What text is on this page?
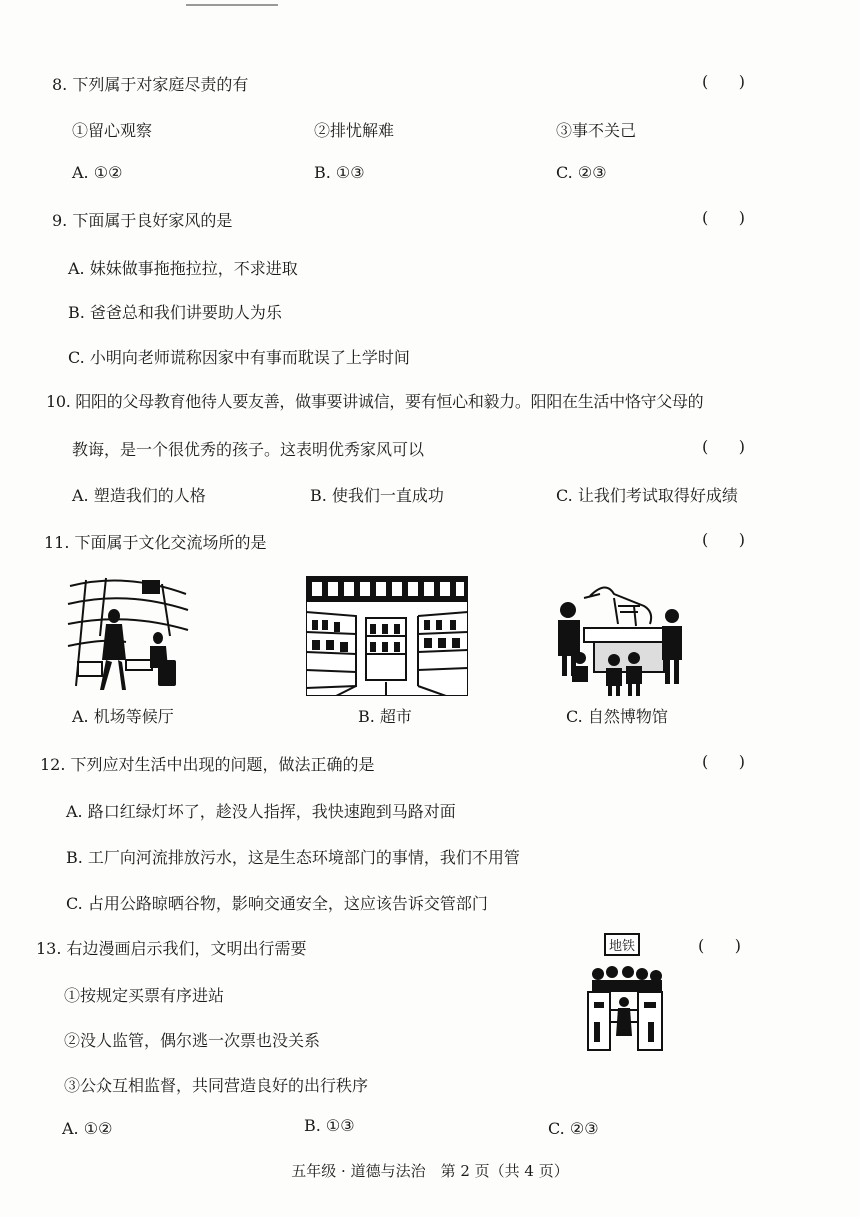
8. 下列属于对家庭尽责的有	(      )
①留心观察	②排忧解难	③事不关己
A. ①②	B. ①③	C. ②③
9. 下面属于良好家风的是	(      )
A. 妹妹做事拖拖拉拉，不求进取
B. 爸爸总和我们讲要助人为乐
C. 小明向老师谎称因家中有事而耽误了上学时间
10. 阳阳的父母教育他待人要友善，做事要讲诚信，要有恒心和毅力。阳阳在生活中恪守父母的
教诲，是一个很优秀的孩子。这表明优秀家风可以	(      )
A. 塑造我们的人格	B. 使我们一直成功	C. 让我们考试取得好成绩
11. 下面属于文化交流场所的是	(      )
A. 机场等候厅	B. 超市	C. 自然博物馆
12. 下列应对生活中出现的问题，做法正确的是	(      )
A. 路口红绿灯坏了，趁没人指挥，我快速跑到马路对面
B. 工厂向河流排放污水，这是生态环境部门的事情，我们不用管
C. 占用公路晾晒谷物，影响交通安全，这应该告诉交管部门
13. 右边漫画启示我们，文明出行需要	(      )
地铁
①按规定买票有序进站
②没人监管，偶尔逃一次票也没关系
③公众互相监督，共同营造良好的出行秩序
A. ①②	B. ①③	C. ②③
五年级 · 道德与法治　第 2 页（共 4 页）
